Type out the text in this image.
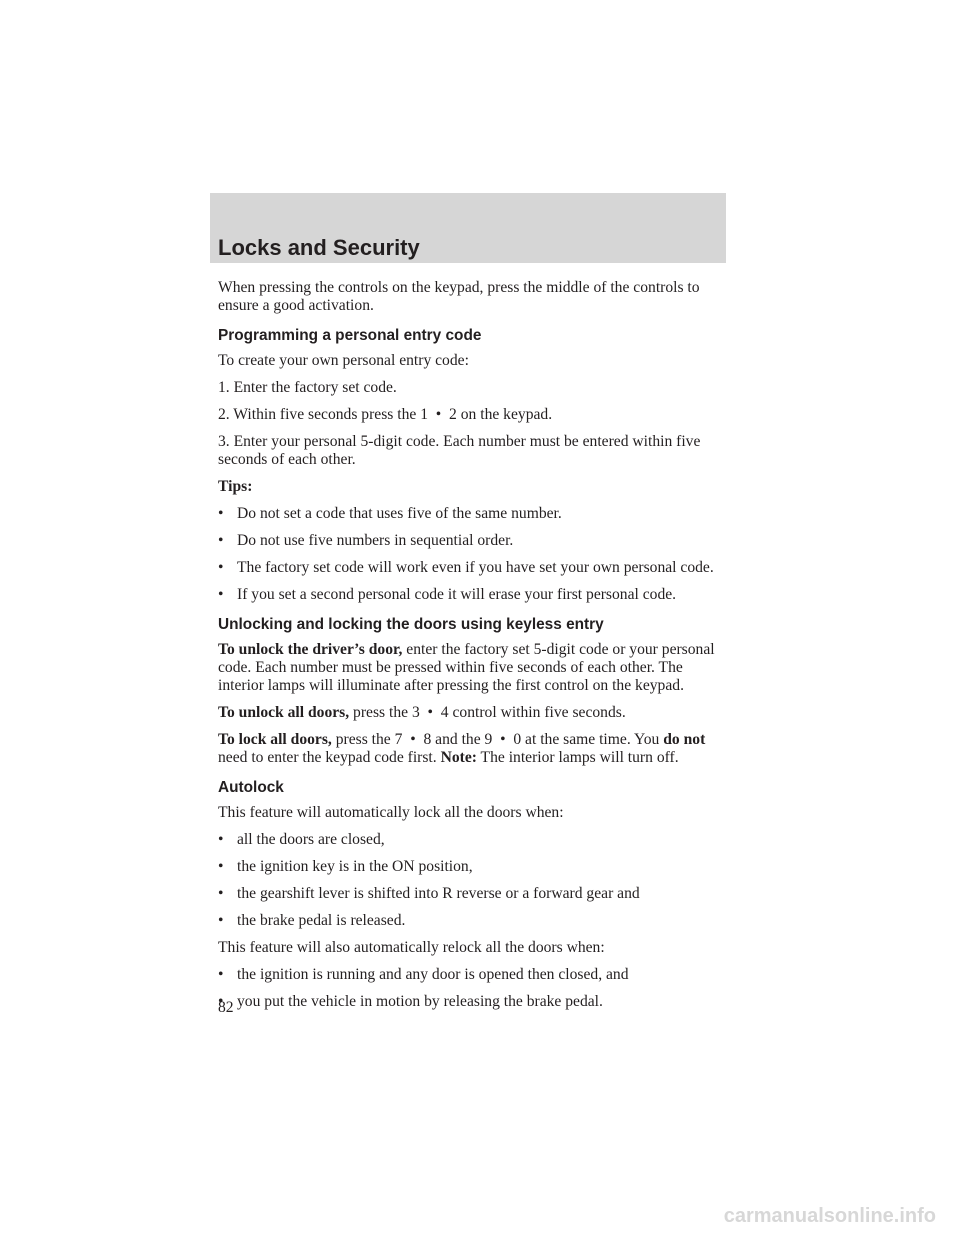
Locks and Security

When pressing the controls on the keypad, press the middle of the controls to ensure a good activation.

Programming a personal entry code

To create your own personal entry code:

1. Enter the factory set code.

2. Within five seconds press the 1 • 2 on the keypad.

3. Enter your personal 5-digit code. Each number must be entered within five seconds of each other.

Tips:

• Do not set a code that uses five of the same number.
• Do not use five numbers in sequential order.
• The factory set code will work even if you have set your own personal code.
• If you set a second personal code it will erase your first personal code.
Unlocking and locking the doors using keyless entry

To unlock the driver’s door, enter the factory set 5-digit code or your personal code. Each number must be pressed within five seconds of each other. The interior lamps will illuminate after pressing the first control on the keypad.

To unlock all doors, press the 3 • 4 control within five seconds.

To lock all doors, press the 7 • 8 and the 9 • 0 at the same time. You do not need to enter the keypad code first. Note: The interior lamps will turn off.

Autolock

This feature will automatically lock all the doors when:

• all the doors are closed,
• the ignition key is in the ON position,
• the gearshift lever is shifted into R reverse or a forward gear and
• the brake pedal is released.

This feature will also automatically relock all the doors when:

• the ignition is running and any door is opened then closed, and
• you put the vehicle in motion by releasing the brake pedal.
82
carmanualsonline.info
